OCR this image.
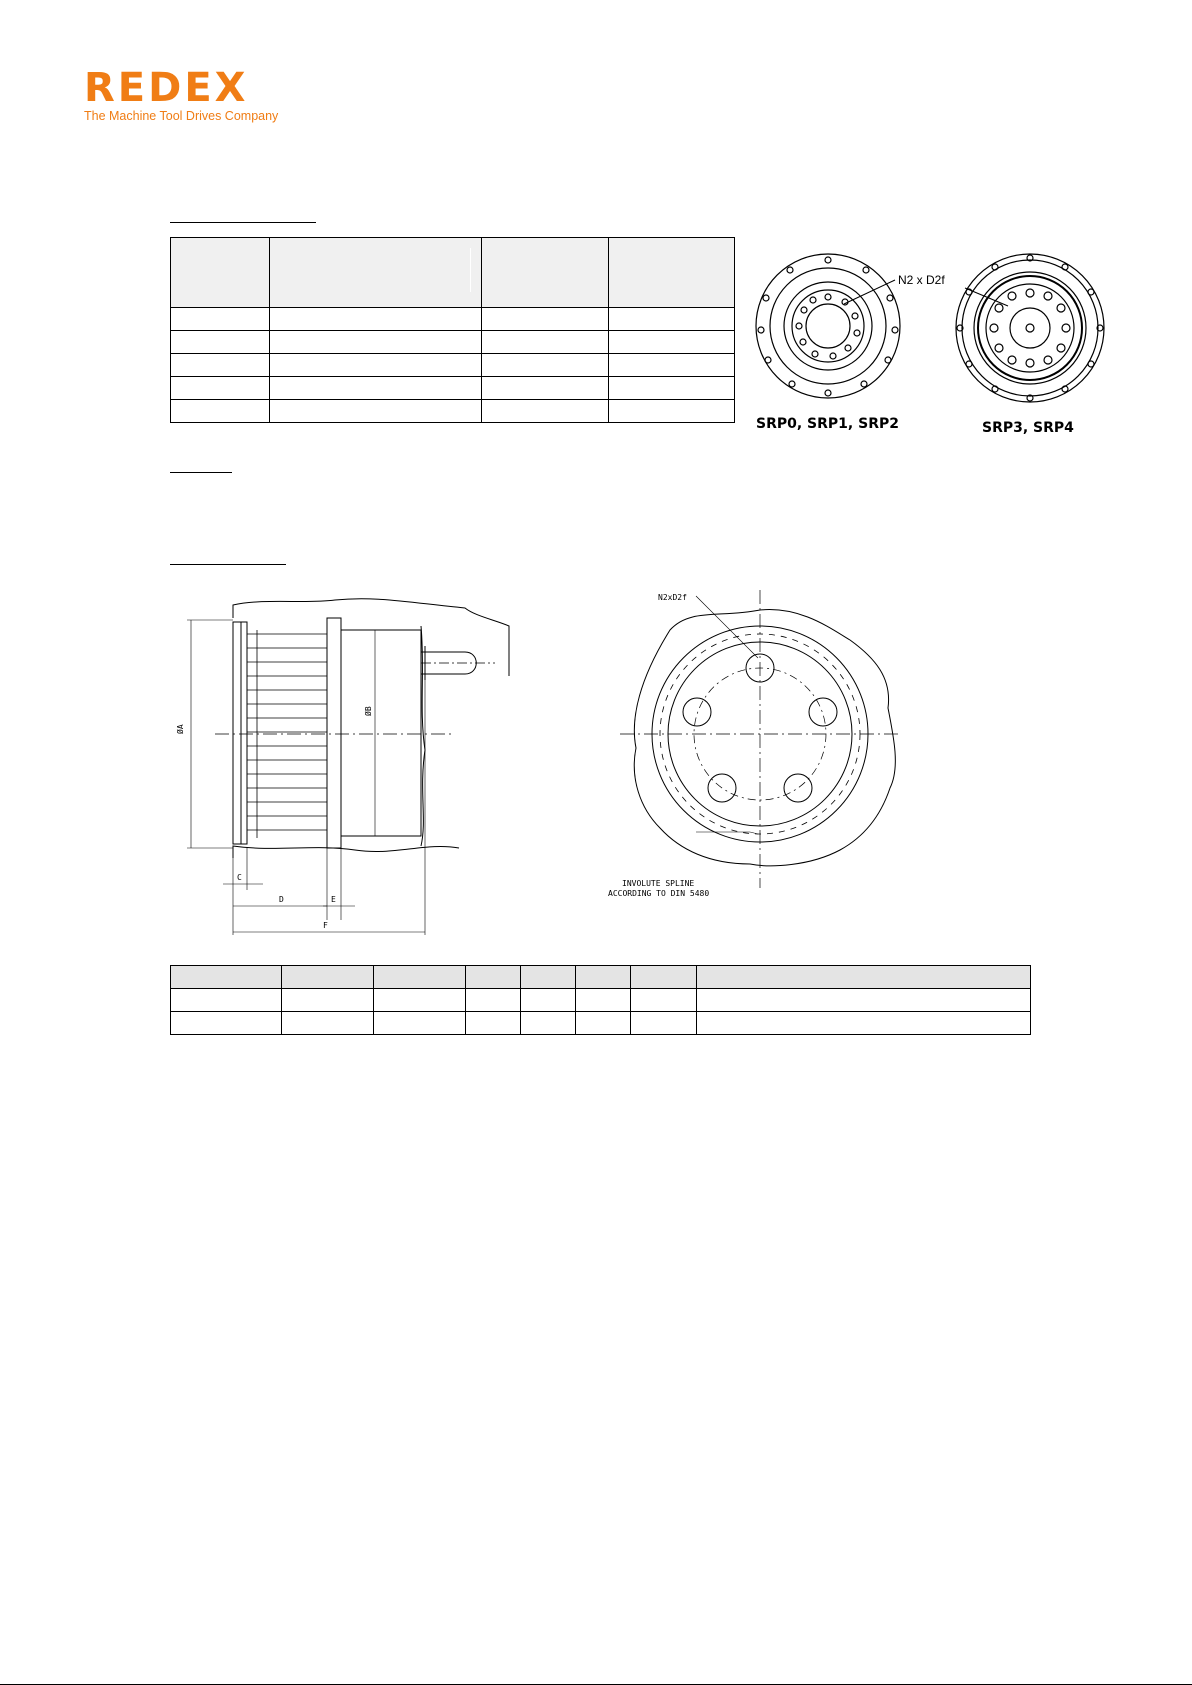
REDEX
The Machine Tool Drives Company

N2 x D2f
SRP0, SRP1, SRP2	SRP3, SRP4
ØA
ØB
C
D	E
F
N2xD2f
INVOLUTE SPLINE
ACCORDING TO DIN 5480
